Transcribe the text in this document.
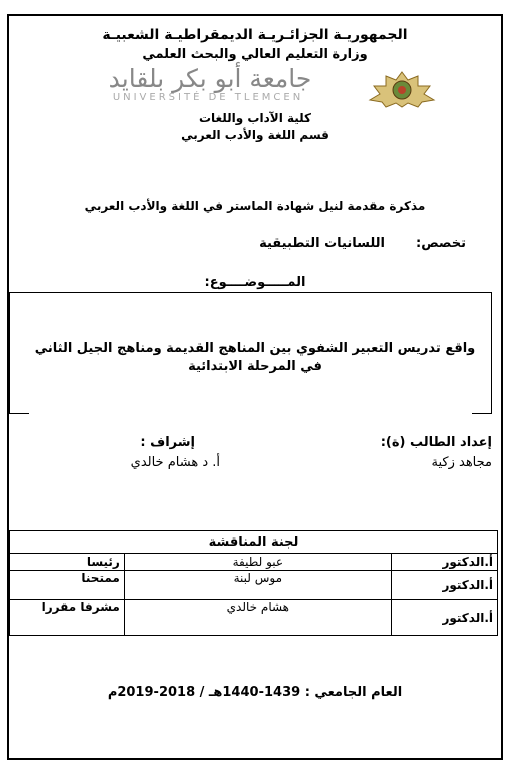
الجمهوريـة الجزائـريـة الديمقراطيـة الشعبيـة
وزارة التعليم العالي والبحث العلمي
جامعة أبو بكر بلقايد
UNIVERSITÉ DE TLEMCEN
كلية الآداب واللغات
قسم اللغة والأدب العربي
مذكرة مقدمة لنيل شهادة الماستر في اللغة والأدب العربي
تخصص:
اللسانيات التطبيقية
المـــــوضــــوع:
واقع تدريس التعبير الشفوي بين المناهج القديمة ومناهج الجيل الثاني
في المرحلة الابتدائية
إعداد الطالب (ة):
مجاهد زكية
إشراف :
أ. د هشام خالدي
لجنة المناقشة		
أ.الدكتور	عبو لطيفة	رئيسا
أ.الدكتور	موس لبنة	ممتحنا
أ.الدكتور	هشام خالدي	مشرفا مقررا
العام الجامعي : 1439-1440هـ / 2018-2019م
